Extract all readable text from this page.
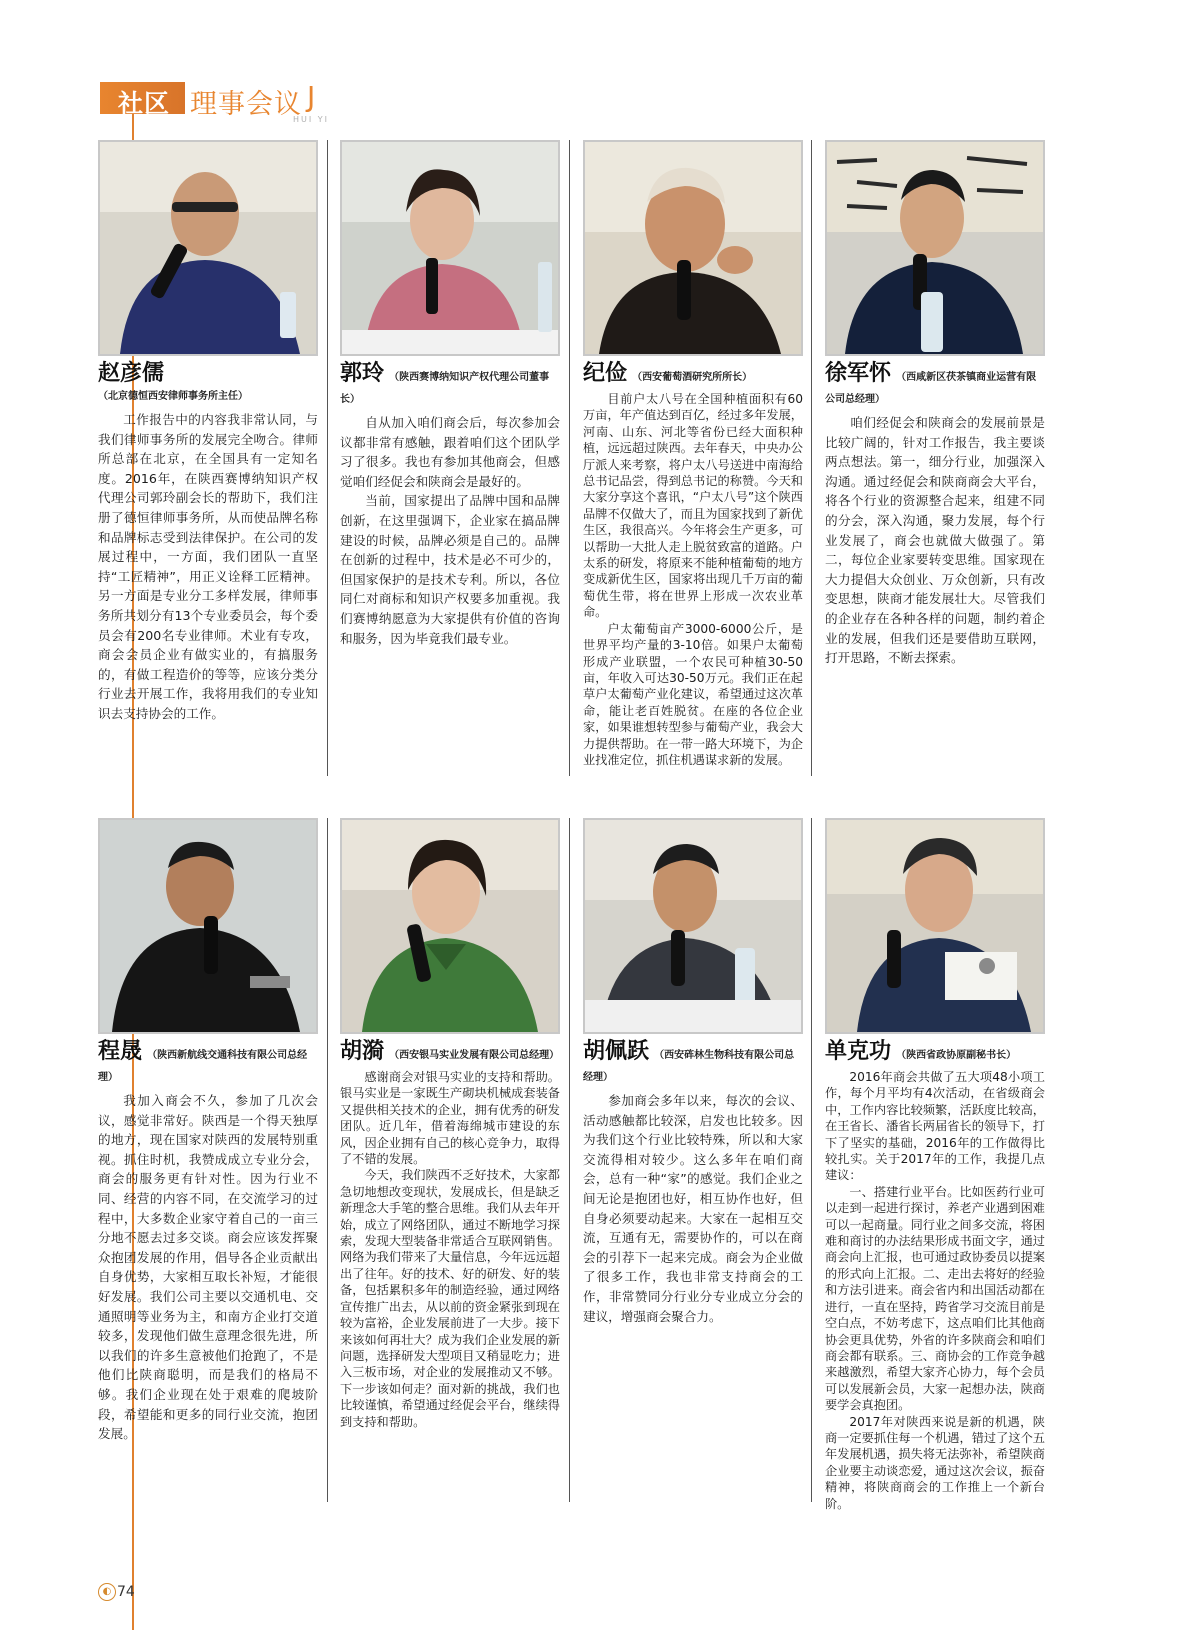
社区 理事会议 J
HUI YI
赵彦儒 （北京德恒西安律师事务所主任）

工作报告中的内容我非常认同，与我们律师事务所的发展完全吻合。律师所总部在北京，在全国具有一定知名度。2016年，在陕西赛博纳知识产权代理公司郭玲副会长的帮助下，我们注册了德恒律师事务所，从而使品牌名称和品牌标志受到法律保护。在公司的发展过程中，一方面，我们团队一直坚持“工匠精神”，用正义诠释工匠精神。另一方面是专业分工多样发展，律师事务所共划分有13个专业委员会，每个委员会有200名专业律师。术业有专攻，商会会员企业有做实业的，有搞服务的，有做工程造价的等等，应该分类分行业去开展工作，我将用我们的专业知识去支持协会的工作。

郭玲 （陕西赛博纳知识产权代理公司董事长）

自从加入咱们商会后，每次参加会议都非常有感触，跟着咱们这个团队学习了很多。我也有参加其他商会，但感觉咱们经促会和陕商会是最好的。

当前，国家提出了品牌中国和品牌创新，在这里强调下，企业家在搞品牌建设的时候，品牌必须是自己的。品牌在创新的过程中，技术是必不可少的，但国家保护的是技术专利。所以，各位同仁对商标和知识产权要多加重视。我们赛博纳愿意为大家提供有价值的咨询和服务，因为毕竟我们最专业。

纪俭 （西安葡萄酒研究所所长）

目前户太八号在全国种植面积有60万亩，年产值达到百亿，经过多年发展，河南、山东、河北等省份已经大面积种植，远远超过陕西。去年春天，中央办公厅派人来考察，将户太八号送进中南海给总书记品尝，得到总书记的称赞。今天和大家分享这个喜讯，“户太八号”这个陕西品牌不仅做大了，而且为国家找到了新优生区，我很高兴。今年将会生产更多，可以帮助一大批人走上脱贫致富的道路。户太系的研发，将原来不能种植葡萄的地方变成新优生区，国家将出现几千万亩的葡萄优生带，将在世界上形成一次农业革命。

户太葡萄亩产3000-6000公斤，是世界平均产量的3-10倍。如果户太葡萄形成产业联盟，一个农民可种植30-50亩，年收入可达30-50万元。我们正在起草户太葡萄产业化建议，希望通过这次革命，能让老百姓脱贫。在座的各位企业家，如果谁想转型参与葡萄产业，我会大力提供帮助。在一带一路大环境下，为企业找准定位，抓住机遇谋求新的发展。

徐军怀 （西咸新区茯茶镇商业运营有限公司总经理）

咱们经促会和陕商会的发展前景是比较广阔的，针对工作报告，我主要谈两点想法。第一，细分行业，加强深入沟通。通过经促会和陕商商会大平台，将各个行业的资源整合起来，组建不同的分会，深入沟通，聚力发展，每个行业发展了，商会也就做大做强了。第二，每位企业家要转变思维。国家现在大力提倡大众创业、万众创新，只有改变思想，陕商才能发展壮大。尽管我们的企业存在各种各样的问题，制约着企业的发展，但我们还是要借助互联网，打开思路，不断去探索。

程晟 （陕西新航线交通科技有限公司总经理）

我加入商会不久，参加了几次会议，感觉非常好。陕西是一个得天独厚的地方，现在国家对陕西的发展特别重视。抓住时机，我赞成成立专业分会，商会的服务更有针对性。因为行业不同、经营的内容不同，在交流学习的过程中，大多数企业家守着自己的一亩三分地不愿去过多交谈。商会应该发挥聚众抱团发展的作用，倡导各企业贡献出自身优势，大家相互取长补短，才能很好发展。我们公司主要以交通机电、交通照明等业务为主，和南方企业打交道较多，发现他们做生意理念很先进，所以我们的许多生意被他们抢跑了，不是他们比陕商聪明，而是我们的格局不够。我们企业现在处于艰难的爬坡阶段，希望能和更多的同行业交流，抱团发展。

胡漪 （西安银马实业发展有限公司总经理）

感谢商会对银马实业的支持和帮助。银马实业是一家既生产砌块机械成套装备又提供相关技术的企业，拥有优秀的研发团队。近几年，借着海绵城市建设的东风，因企业拥有自己的核心竞争力，取得了不错的发展。

今天，我们陕西不乏好技术，大家都急切地想改变现状，发展成长，但是缺乏新理念大手笔的整合思维。我们从去年开始，成立了网络团队，通过不断地学习探索，发现大型装备非常适合互联网销售。网络为我们带来了大量信息，今年远远超出了往年。好的技术、好的研发、好的装备，包括累积多年的制造经验，通过网络宣传推广出去，从以前的资金紧张到现在较为富裕，企业发展前进了一大步。接下来该如何再壮大？成为我们企业发展的新问题，选择研发大型项目又稍显吃力；进入三板市场，对企业的发展推动又不够。下一步该如何走？面对新的挑战，我们也比较谨慎，希望通过经促会平台，继续得到支持和帮助。

胡佩跃 （西安砗林生物科技有限公司总经理）

参加商会多年以来，每次的会议、活动感触都比较深，启发也比较多。因为我们这个行业比较特殊，所以和大家交流得相对较少。这么多年在咱们商会，总有一种“家”的感觉。我们企业之间无论是抱团也好，相互协作也好，但自身必须要动起来。大家在一起相互交流，互通有无，需要协作的，可以在商会的引荐下一起来完成。商会为企业做了很多工作，我也非常支持商会的工作，非常赞同分行业分专业成立分会的建议，增强商会聚合力。

单克功 （陕西省政协原副秘书长）

2016年商会共做了五大项48小项工作，每个月平均有4次活动，在省级商会中，工作内容比较频繁，活跃度比较高，在王省长、潘省长两届省长的领导下，打下了坚实的基础，2016年的工作做得比较扎实。关于2017年的工作，我提几点建议：

一、搭建行业平台。比如医药行业可以走到一起进行探讨，养老产业遇到困难可以一起商量。同行业之间多交流，将困难和商讨的办法结果形成书面文字，通过商会向上汇报，也可通过政协委员以提案的形式向上汇报。二、走出去将好的经验和方法引进来。商会省内和出国活动都在进行，一直在坚持，跨省学习交流目前是空白点，不妨考虑下，这点咱们比其他商协会更具优势，外省的许多陕商会和咱们商会都有联系。三、商协会的工作竞争越来越激烈，希望大家齐心协力，每个会员可以发展新会员，大家一起想办法，陕商要学会真抱团。

2017年对陕西来说是新的机遇，陕商一定要抓住每一个机遇，错过了这个五年发展机遇，损失将无法弥补，希望陕商企业要主动谈恋爱，通过这次会议，振奋精神，将陕商商会的工作推上一个新台阶。

◐ 74
